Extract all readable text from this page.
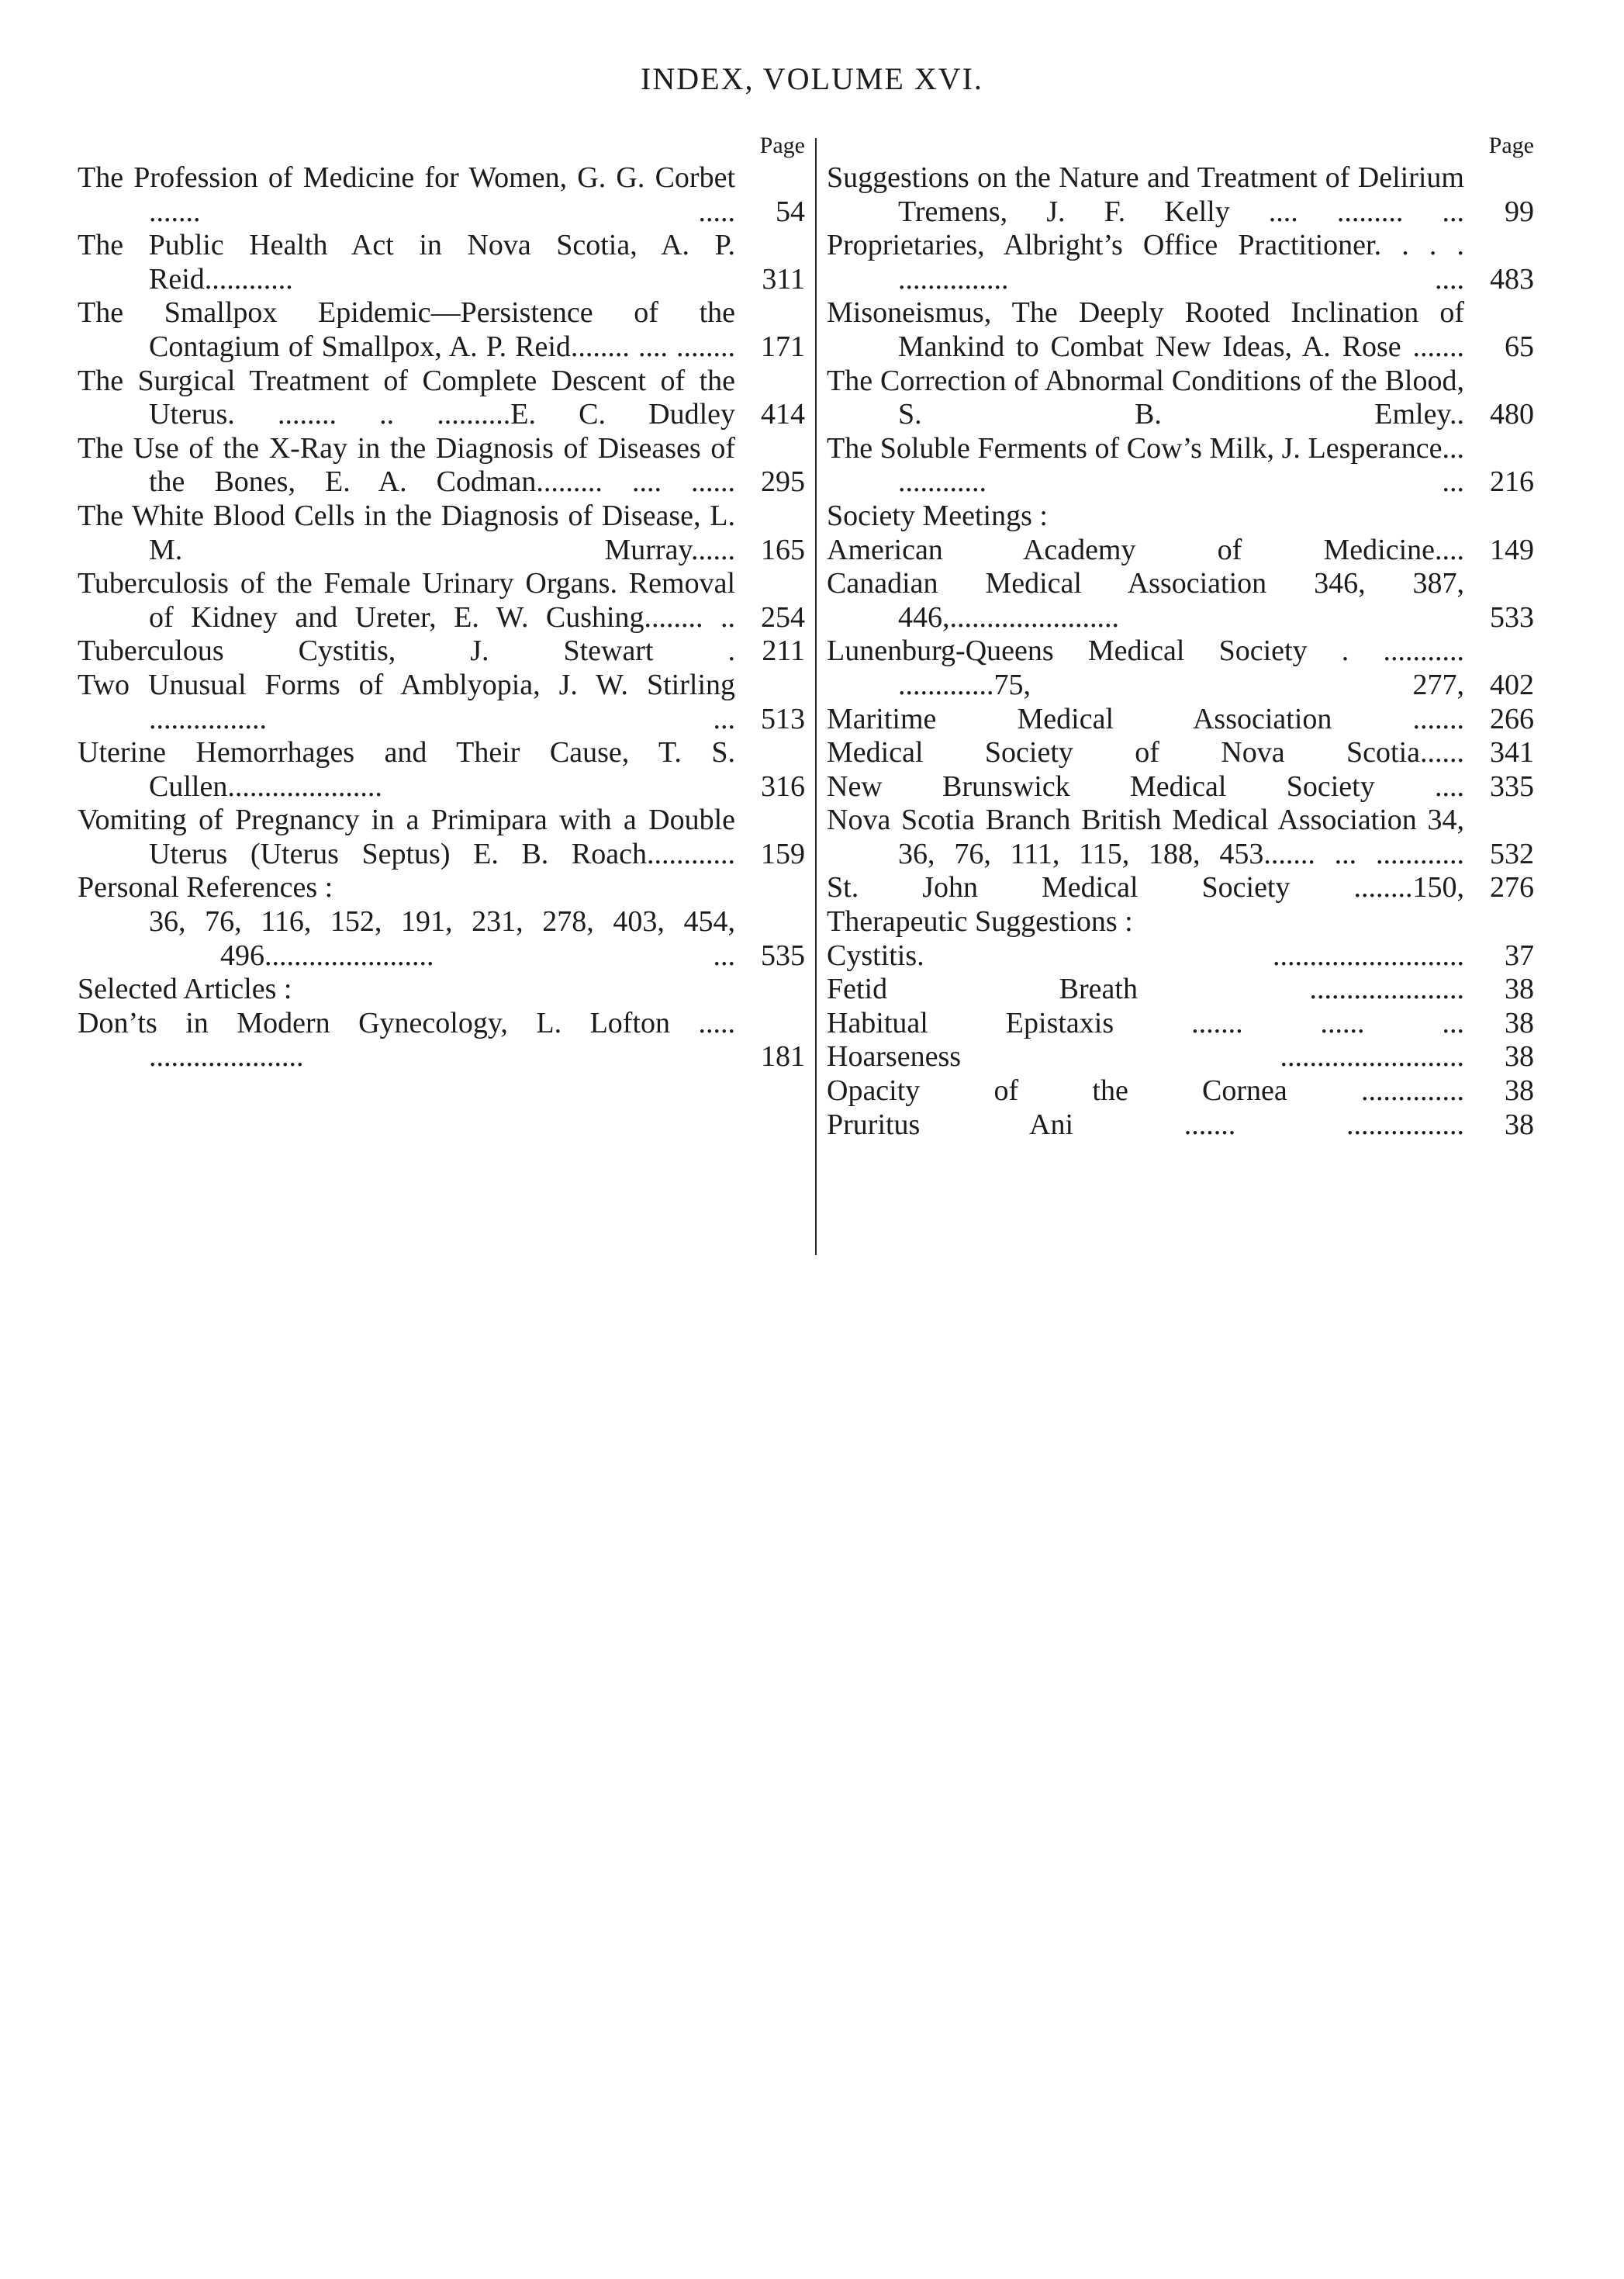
INDEX, VOLUME XVI.
Page
The Profession of Medicine for Women, G. G. Corbet ....... .....	54
The Public Health Act in Nova Scotia, A. P. Reid............	311
The Smallpox Epidemic—Persistence of the Contagium of Smallpox, A. P. Reid........ .... ........ 171
The Surgical Treatment of Complete Descent of the Uterus. ........ .. ..........E. C. Dudley 414
The Use of the X-Ray in the Diagnosis of Diseases of the Bones, E. A. Codman......... .... ...... 295
The White Blood Cells in the Diagnosis of Disease, L. M. Murray...... 165
Tuberculosis of the Female Urinary Organs. Removal of Kidney and Ureter, E. W. Cushing........ .. 254
Tuberculous Cystitis, J. Stewart . 211
Two Unusual Forms of Amblyopia, J. W. Stirling ................ ... 513
Uterine Hemorrhages and Their Cause, T. S. Cullen.....................	316
Vomiting of Pregnancy in a Primipara with a Double Uterus (Uterus Septus) E. B. Roach............ 159
Personal References :
36, 76, 116, 152, 191, 231, 278, 403, 454, 496....................... ... 535
Selected Articles :
Don’ts in Modern Gynecology, L. Lofton ..... .....................	181
Page
Suggestions on the Nature and Treatment of Delirium Tremens, J. F. Kelly .... ......... ...	99
Proprietaries, Albright’s Office Practitioner. . . . ............... .... 483
Misoneismus, The Deeply Rooted Inclination of Mankind to Combat New Ideas, A. Rose .......	65
The Correction of Abnormal Conditions of the Blood, S. B. Emley.. 480
The Soluble Ferments of Cow’s Milk, J. Lesperance... ............ ... 216
Society Meetings :
American Academy of Medicine.... 149
Canadian Medical Association 346, 387, 446,.......................	533
Lunenburg-Queens Medical Society . ........... .............75, 277, 402
Maritime Medical Association ....... 266
Medical Society of Nova Scotia...... 341
New Brunswick Medical Society .... 335
Nova Scotia Branch British Medical Association 34, 36, 76, 111, 115, 188, 453....... ... ............ 532
St. John Medical Society ........150, 276
Therapeutic Suggestions :
Cystitis. ..........................	37
Fetid Breath .....................	38
Habitual Epistaxis ....... ...... ...	38
Hoarseness .........................	38
Opacity of the Cornea ..............	38
Pruritus Ani ....... ................	38
